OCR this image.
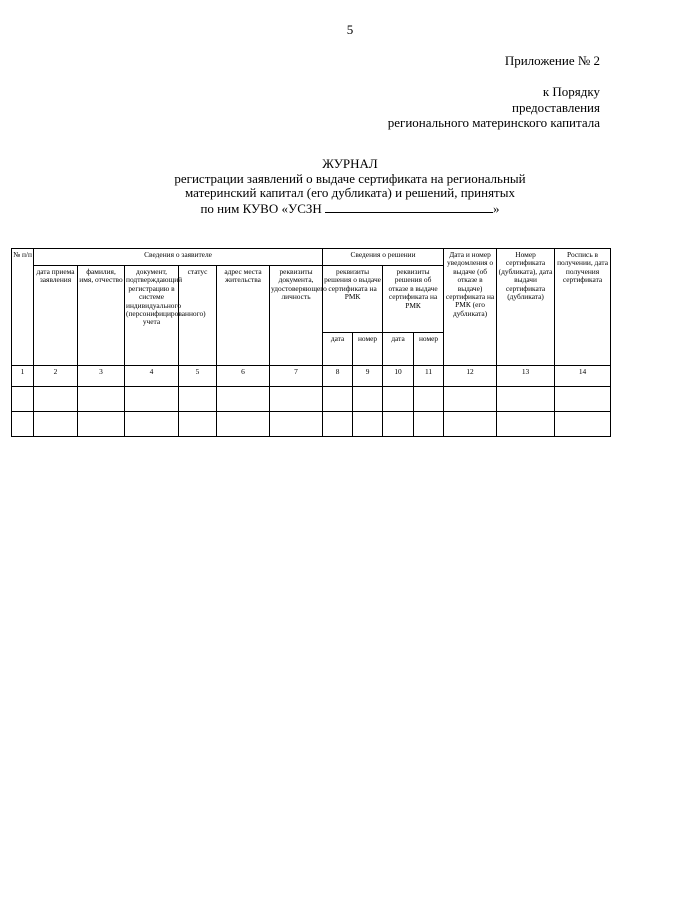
5
Приложение № 2
к Порядку
предоставления
регионального материнского капитала
ЖУРНАЛ
регистрации заявлений о выдаче сертификата на региональный
материнский капитал (его дубликата) и решений, принятых
по ним КУВО «УСЗН	»
№ п/п	Сведения о заявителе						Сведения о решении				Дата и номер уведомления о выдаче (об отказе в выдаче) сертификата на РМК (его дубликата)	Номер сертификата (дубликата), дата выдачи сертификата (дубликата)	Роспись в получении, дата получения сертификата
	дата приема заявления	фамилия, имя, отчество	документ, подтверждающий регистрацию в системе индивидуального (персонифицированного) учета	статус	адрес места жительства	реквизиты документа, удостоверяющего личность	реквизиты решения о выдаче сертификата на РМК		реквизиты решения об отказе в выдаче сертификата на РМК				
							дата	номер	дата	номер			
1	2	3	4	5	6	7	8	9	10	11	12	13	14
